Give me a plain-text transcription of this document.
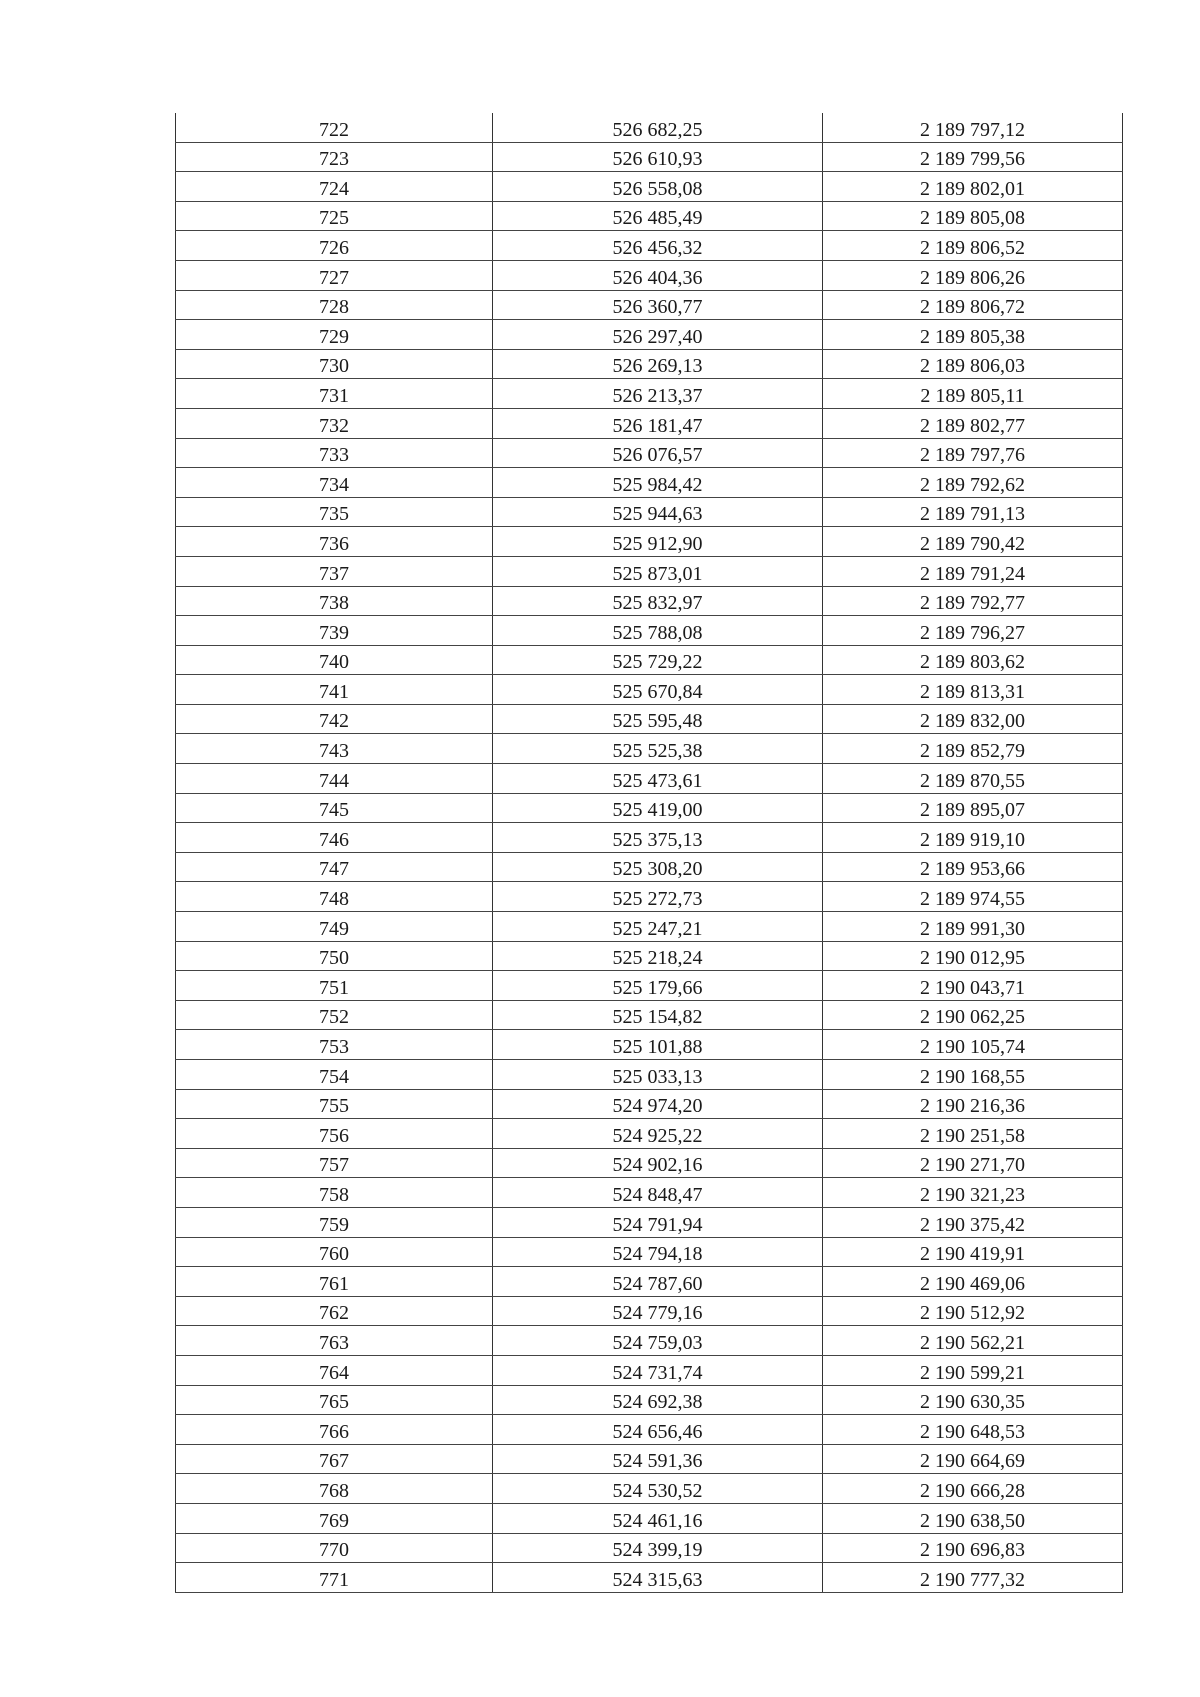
722	526 682,25	2 189 797,12
723	526 610,93	2 189 799,56
724	526 558,08	2 189 802,01
725	526 485,49	2 189 805,08
726	526 456,32	2 189 806,52
727	526 404,36	2 189 806,26
728	526 360,77	2 189 806,72
729	526 297,40	2 189 805,38
730	526 269,13	2 189 806,03
731	526 213,37	2 189 805,11
732	526 181,47	2 189 802,77
733	526 076,57	2 189 797,76
734	525 984,42	2 189 792,62
735	525 944,63	2 189 791,13
736	525 912,90	2 189 790,42
737	525 873,01	2 189 791,24
738	525 832,97	2 189 792,77
739	525 788,08	2 189 796,27
740	525 729,22	2 189 803,62
741	525 670,84	2 189 813,31
742	525 595,48	2 189 832,00
743	525 525,38	2 189 852,79
744	525 473,61	2 189 870,55
745	525 419,00	2 189 895,07
746	525 375,13	2 189 919,10
747	525 308,20	2 189 953,66
748	525 272,73	2 189 974,55
749	525 247,21	2 189 991,30
750	525 218,24	2 190 012,95
751	525 179,66	2 190 043,71
752	525 154,82	2 190 062,25
753	525 101,88	2 190 105,74
754	525 033,13	2 190 168,55
755	524 974,20	2 190 216,36
756	524 925,22	2 190 251,58
757	524 902,16	2 190 271,70
758	524 848,47	2 190 321,23
759	524 791,94	2 190 375,42
760	524 794,18	2 190 419,91
761	524 787,60	2 190 469,06
762	524 779,16	2 190 512,92
763	524 759,03	2 190 562,21
764	524 731,74	2 190 599,21
765	524 692,38	2 190 630,35
766	524 656,46	2 190 648,53
767	524 591,36	2 190 664,69
768	524 530,52	2 190 666,28
769	524 461,16	2 190 638,50
770	524 399,19	2 190 696,83
771	524 315,63	2 190 777,32
